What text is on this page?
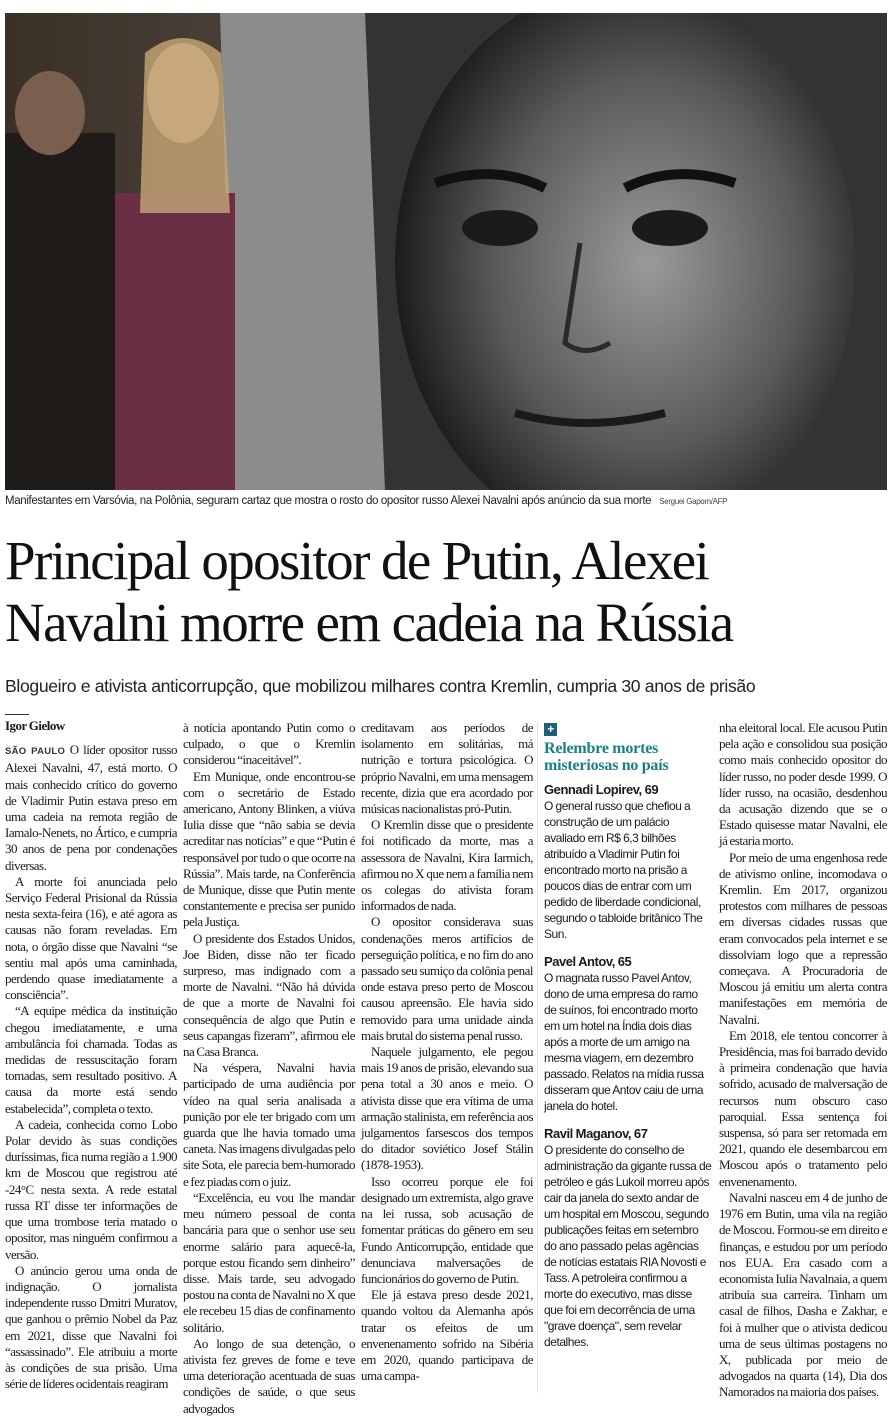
Manifestantes em Varsóvia, na Polônia, seguram cartaz que mostra o rosto do opositor russo Alexei Navalni após anúncio da sua morte Serguei Gapom/AFP
Principal opositor de Putin, Alexei
Navalni morre em cadeia na Rússia

Blogueiro e ativista anticorrupção, que mobilizou milhares contra Kremlin, cumpria 30 anos de prisão

Igor Gielow

SÃO PAULO O líder opositor russo Alexei Navalni, 47, está morto. O mais conhecido crítico do governo de Vladimir Putin estava preso em uma cadeia na remota região de Iamalo-Nenets, no Ártico, e cumpria 30 anos de pena por condenações diversas.

A morte foi anunciada pelo Serviço Federal Prisional da Rússia nesta sexta-feira (16), e até agora as causas não foram reveladas. Em nota, o órgão disse que Navalni “se sentiu mal após uma caminhada, perdendo quase imediatamente a consciência”.

“A equipe médica da instituição chegou imediatamente, e uma ambulância foi chamada. Todas as medidas de ressuscitação foram tomadas, sem resultado positivo. A causa da morte está sendo estabelecida”, completa o texto.

A cadeia, conhecida como Lobo Polar devido às suas condições duríssimas, fica numa região a 1.900 km de Moscou que registrou até -24°C nesta sexta. A rede estatal russa RT disse ter informações de que uma trombose teria matado o opositor, mas ninguém confirmou a versão.

O anúncio gerou uma onda de indignação. O jornalista independente russo Dmitri Muratov, que ganhou o prêmio Nobel da Paz em 2021, disse que Navalni foi “assassinado”. Ele atribuiu a morte às condições de sua prisão. Uma série de líderes ocidentais reagiram

à notícia apontando Putin como o culpado, o que o Kremlin considerou “inaceitável”.

Em Munique, onde encontrou-se com o secretário de Estado americano, Antony Blinken, a viúva Iulia disse que “não sabia se devia acreditar nas notícias” e que “Putin é responsável por tudo o que ocorre na Rússia”. Mais tarde, na Conferência de Munique, disse que Putin mente constantemente e precisa ser punido pela Justiça.

O presidente dos Estados Unidos, Joe Biden, disse não ter ficado surpreso, mas indignado com a morte de Navalni. “Não há dúvida de que a morte de Navalni foi consequência de algo que Putin e seus capangas fizeram”, afirmou ele na Casa Branca.

Na véspera, Navalni havia participado de uma audiência por vídeo na qual seria analisada a punição por ele ter brigado com um guarda que lhe havia tomado uma caneta. Nas imagens divulgadas pelo site Sota, ele parecia bem-humorado e fez piadas com o juiz.

“Excelência, eu vou lhe mandar meu número pessoal de conta bancária para que o senhor use seu enorme salário para aquecê-la, porque estou ficando sem dinheiro” disse. Mais tarde, seu advogado postou na conta de Navalni no X que ele recebeu 15 dias de confinamento solitário.

Ao longo de sua detenção, o ativista fez greves de fome e teve uma deterioração acentuada de suas condições de saúde, o que seus advogados

creditavam aos períodos de isolamento em solitárias, má nutrição e tortura psicológica. O próprio Navalni, em uma mensagem recente, dizia que era acordado por músicas nacionalistas pró-Putin.

O Kremlin disse que o presidente foi notificado da morte, mas a assessora de Navalni, Kira Iarmich, afirmou no X que nem a família nem os colegas do ativista foram informados de nada.

O opositor considerava suas condenações meros artifícios de perseguição política, e no fim do ano passado seu sumiço da colônia penal onde estava preso perto de Moscou causou apreensão. Ele havia sido removido para uma unidade ainda mais brutal do sistema penal russo.

Naquele julgamento, ele pegou mais 19 anos de prisão, elevando sua pena total a 30 anos e meio. O ativista disse que era vítima de uma armação stalinista, em referência aos julgamentos farsescos dos tempos do ditador soviético Josef Stálin (1878-1953).

Isso ocorreu porque ele foi designado um extremista, algo grave na lei russa, sob acusação de fomentar práticas do gênero em seu Fundo Anticorrupção, entidade que denunciava malversações de funcionários do governo de Putin.

Ele já estava preso desde 2021, quando voltou da Alemanha após tratar os efeitos de um envenenamento sofrido na Sibéria em 2020, quando participava de uma campa-

+
Relembre mortes misteriosas no país
Gennadi Lopirev, 69
O general russo que chefiou a construção de um palácio avaliado em R$ 6,3 bilhões atribuído a Vladimir Putin foi encontrado morto na prisão a poucos dias de entrar com um pedido de liberdade condicional, segundo o tabloide britânico The Sun.
Pavel Antov, 65
O magnata russo Pavel Antov, dono de uma empresa do ramo de suínos, foi encontrado morto em um hotel na Índia dois dias após a morte de um amigo na mesma viagem, em dezembro passado. Relatos na mídia russa disseram que Antov caiu de uma janela do hotel.
Ravil Maganov, 67
O presidente do conselho de administração da gigante russa de petróleo e gás Lukoil morreu após cair da janela do sexto andar de um hospital em Moscou, segundo publicações feitas em setembro do ano passado pelas agências de notícias estatais RIA Novosti e Tass. A petroleira confirmou a morte do executivo, mas disse que foi em decorrência de uma "grave doença", sem revelar detalhes.

nha eleitoral local. Ele acusou Putin pela ação e consolidou sua posição como mais conhecido opositor do líder russo, no poder desde 1999. O líder russo, na ocasião, desdenhou da acusação dizendo que se o Estado quisesse matar Navalni, ele já estaria morto.

Por meio de uma engenhosa rede de ativismo online, incomodava o Kremlin. Em 2017, organizou protestos com milhares de pessoas em diversas cidades russas que eram convocados pela internet e se dissolviam logo que a repressão começava. A Procuradoria de Moscou já emitiu um alerta contra manifestações em memória de Navalni.

Em 2018, ele tentou concorrer à Presidência, mas foi barrado devido à primeira condenação que havia sofrido, acusado de malversação de recursos num obscuro caso paroquial. Essa sentença foi suspensa, só para ser retomada em 2021, quando ele desembarcou em Moscou após o tratamento pelo envenenamento.

Navalni nasceu em 4 de junho de 1976 em Butin, uma vila na região de Moscou. Formou-se em direito e finanças, e estudou por um período nos EUA. Era casado com a economista Iulia Navalnaia, a quem atribuía sua carreira. Tinham um casal de filhos, Dasha e Zakhar, e foi à mulher que o ativista dedicou uma de seus últimas postagens no X, publicada por meio de advogados na quarta (14), Dia dos Namorados na maioria dos países.
